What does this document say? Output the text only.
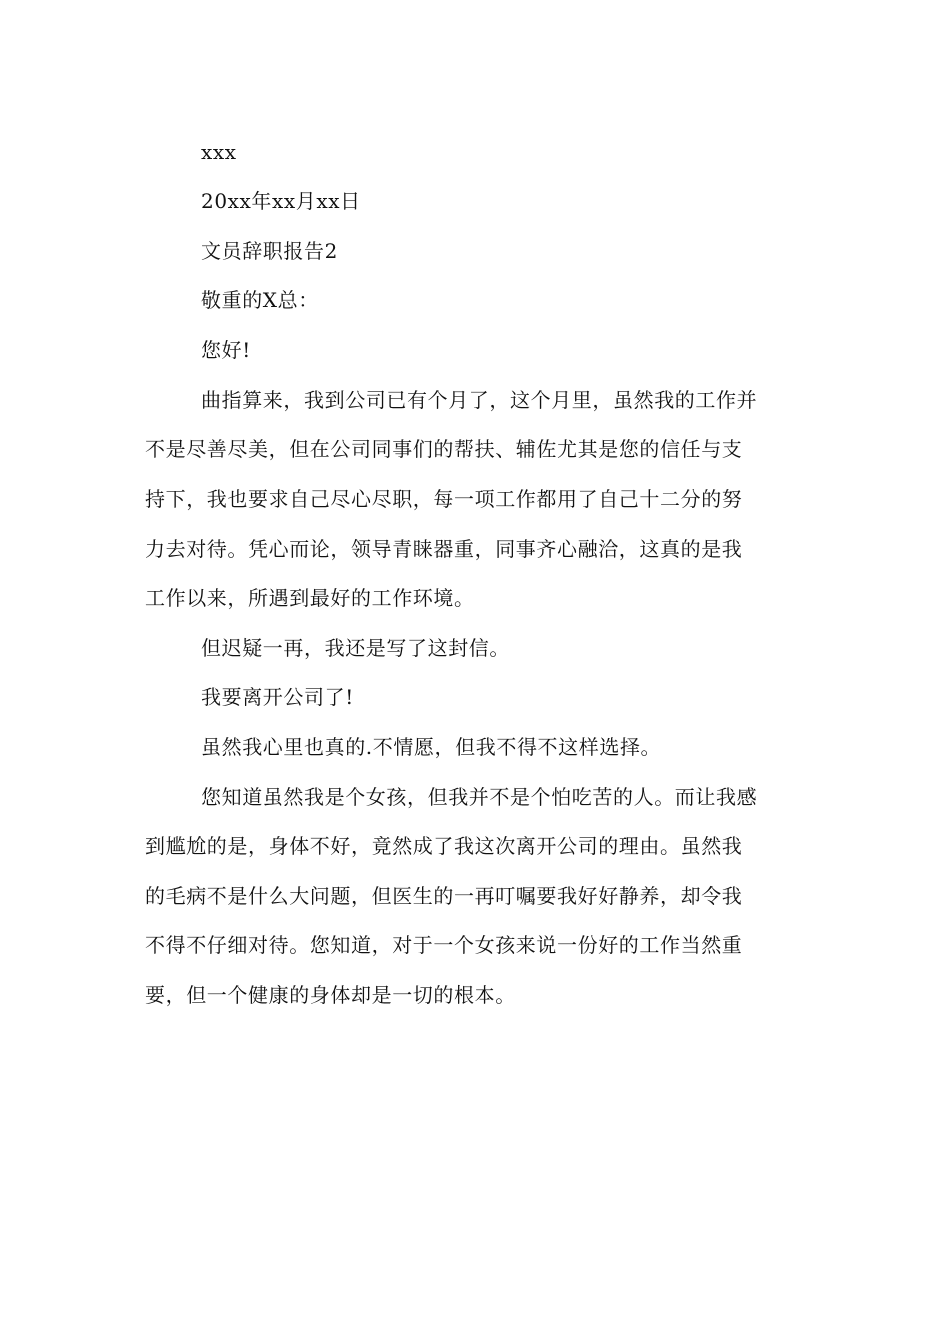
xxx
20xx年xx月xx日
文员辞职报告2
敬重的X总：
您好!
曲指算来，我到公司已有个月了，这个月里，虽然我的工作并
不是尽善尽美，但在公司同事们的帮扶、辅佐尤其是您的信任与支
持下，我也要求自己尽心尽职，每一项工作都用了自己十二分的努
力去对待。凭心而论，领导青睐器重，同事齐心融洽，这真的是我
工作以来，所遇到最好的工作环境。
但迟疑一再，我还是写了这封信。
我要离开公司了!
虽然我心里也真的.不情愿，但我不得不这样选择。
您知道虽然我是个女孩，但我并不是个怕吃苦的人。而让我感
到尴尬的是，身体不好，竟然成了我这次离开公司的理由。虽然我
的毛病不是什么大问题，但医生的一再叮嘱要我好好静养，却令我
不得不仔细对待。您知道，对于一个女孩来说一份好的工作当然重
要，但一个健康的身体却是一切的根本。
